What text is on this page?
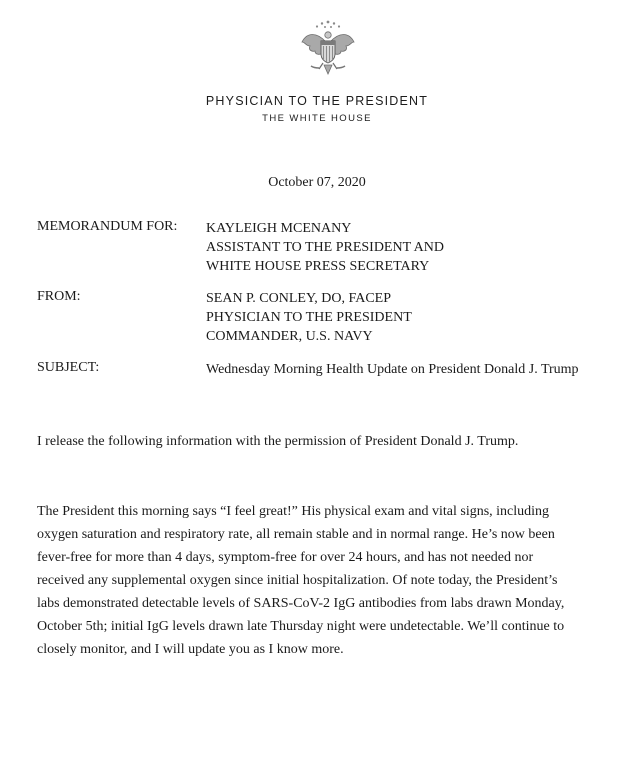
PHYSICIAN TO THE PRESIDENT
THE WHITE HOUSE
October 07, 2020
MEMORANDUM FOR: KAYLEIGH MCENANY
ASSISTANT TO THE PRESIDENT AND
WHITE HOUSE PRESS SECRETARY
FROM:	SEAN P. CONLEY, DO, FACEP
PHYSICIAN TO THE PRESIDENT
COMMANDER, U.S. NAVY
SUBJECT:	Wednesday Morning Health Update on President Donald J. Trump
I release the following information with the permission of President Donald J. Trump.
The President this morning says “I feel great!” His physical exam and vital signs, including
oxygen saturation and respiratory rate, all remain stable and in normal range. He’s now been
fever-free for more than 4 days, symptom-free for over 24 hours, and has not needed nor
received any supplemental oxygen since initial hospitalization. Of note today, the President’s
labs demonstrated detectable levels of SARS-CoV-2 IgG antibodies from labs drawn Monday,
October 5th; initial IgG levels drawn late Thursday night were undetectable. We’ll continue to
closely monitor, and I will update you as I know more.
